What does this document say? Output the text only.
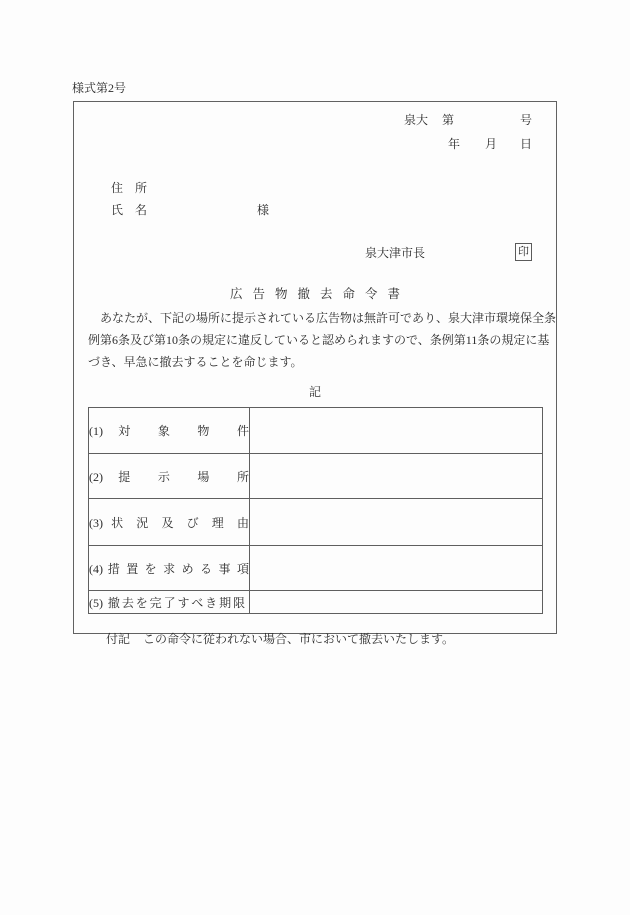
様式第2号
泉大 第	号
年 月 日
住　所
氏　名	様
泉大津市長	印
広告物撤去命令書
あなたが、下記の場所に提示されている広告物は無許可であり、泉大津市環境保全条
例第6条及び第10条の規定に違反していると認められますので、条例第11条の規定に基
づき、早急に撤去することを命じます。
記
(1) 対 象 物 件	
(2) 提 示 場 所	
(3) 状 況 及 び 理 由	
(4) 措 置 を 求 め る 事 項	
(5) 撤去を完了すべき期限	

付記 この命令に従われない場合、市において撤去いたします。
